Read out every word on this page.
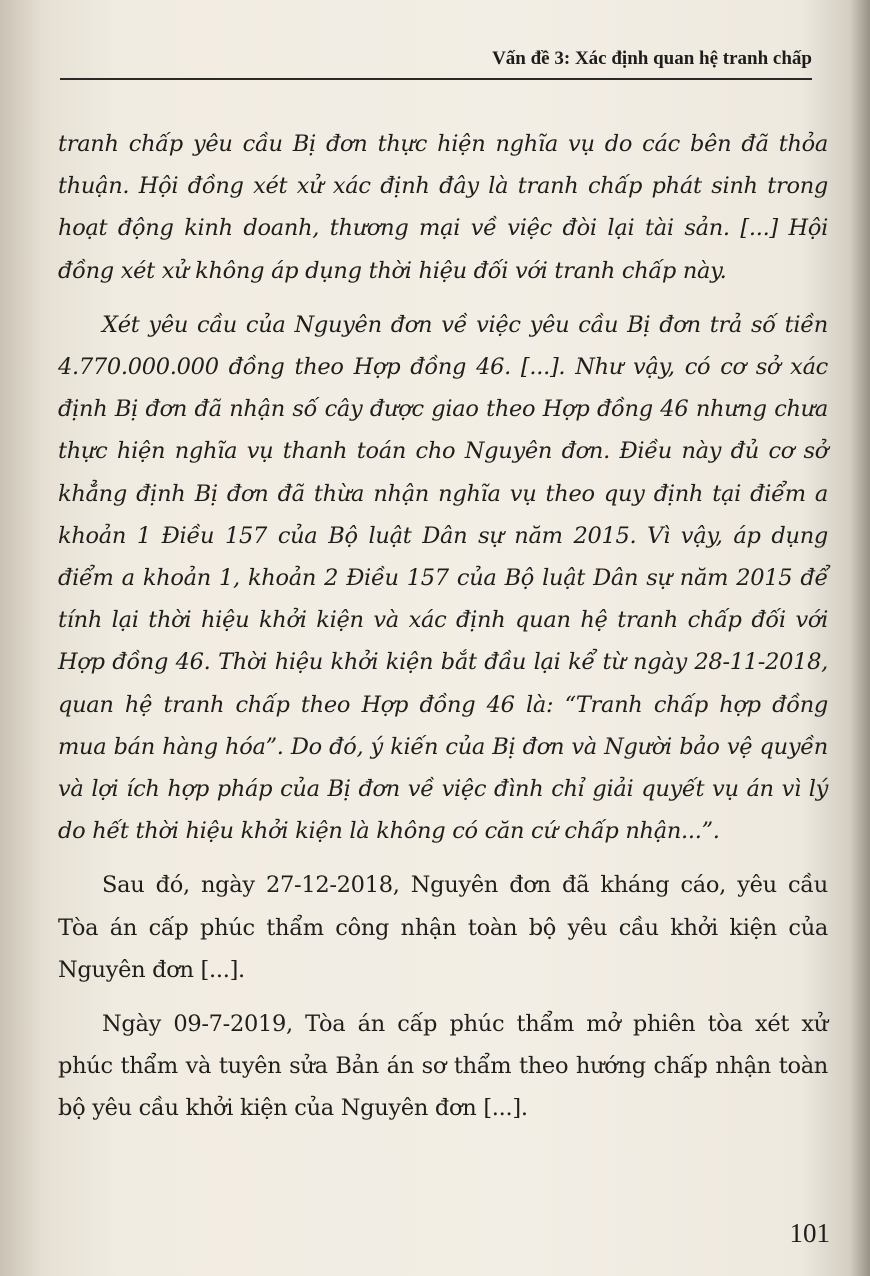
Vấn đề 3: Xác định quan hệ tranh chấp

tranh chấp yêu cầu Bị đơn thực hiện nghĩa vụ do các bên đã thỏa thuận. Hội đồng xét xử xác định đây là tranh chấp phát sinh trong hoạt động kinh doanh, thương mại về việc đòi lại tài sản. [...] Hội đồng xét xử không áp dụng thời hiệu đối với tranh chấp này.

Xét yêu cầu của Nguyên đơn về việc yêu cầu Bị đơn trả số tiền 4.770.000.000 đồng theo Hợp đồng 46. [...]. Như vậy, có cơ sở xác định Bị đơn đã nhận số cây được giao theo Hợp đồng 46 nhưng chưa thực hiện nghĩa vụ thanh toán cho Nguyên đơn. Điều này đủ cơ sở khẳng định Bị đơn đã thừa nhận nghĩa vụ theo quy định tại điểm a khoản 1 Điều 157 của Bộ luật Dân sự năm 2015. Vì vậy, áp dụng điểm a khoản 1, khoản 2 Điều 157 của Bộ luật Dân sự năm 2015 để tính lại thời hiệu khởi kiện và xác định quan hệ tranh chấp đối với Hợp đồng 46. Thời hiệu khởi kiện bắt đầu lại kể từ ngày 28-11-2018, quan hệ tranh chấp theo Hợp đồng 46 là: “Tranh chấp hợp đồng mua bán hàng hóa”. Do đó, ý kiến của Bị đơn và Người bảo vệ quyền và lợi ích hợp pháp của Bị đơn về việc đình chỉ giải quyết vụ án vì lý do hết thời hiệu khởi kiện là không có căn cứ chấp nhận...”.

Sau đó, ngày 27-12-2018, Nguyên đơn đã kháng cáo, yêu cầu Tòa án cấp phúc thẩm công nhận toàn bộ yêu cầu khởi kiện của Nguyên đơn [...].

Ngày 09-7-2019, Tòa án cấp phúc thẩm mở phiên tòa xét xử phúc thẩm và tuyên sửa Bản án sơ thẩm theo hướng chấp nhận toàn bộ yêu cầu khởi kiện của Nguyên đơn [...].

101
